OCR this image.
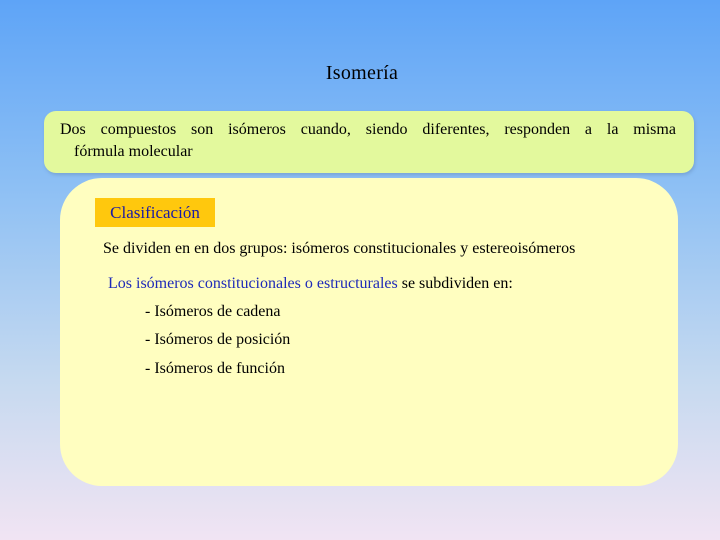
Isomería
Dos compuestos son isómeros cuando, siendo diferentes, responden a la misma
fórmula molecular
Clasificación
Se dividen en en dos grupos: isómeros constitucionales y estereoisómeros
Los isómeros constitucionales o estructurales se subdividen en:
- Isómeros de cadena
- Isómeros de posición
- Isómeros de función
